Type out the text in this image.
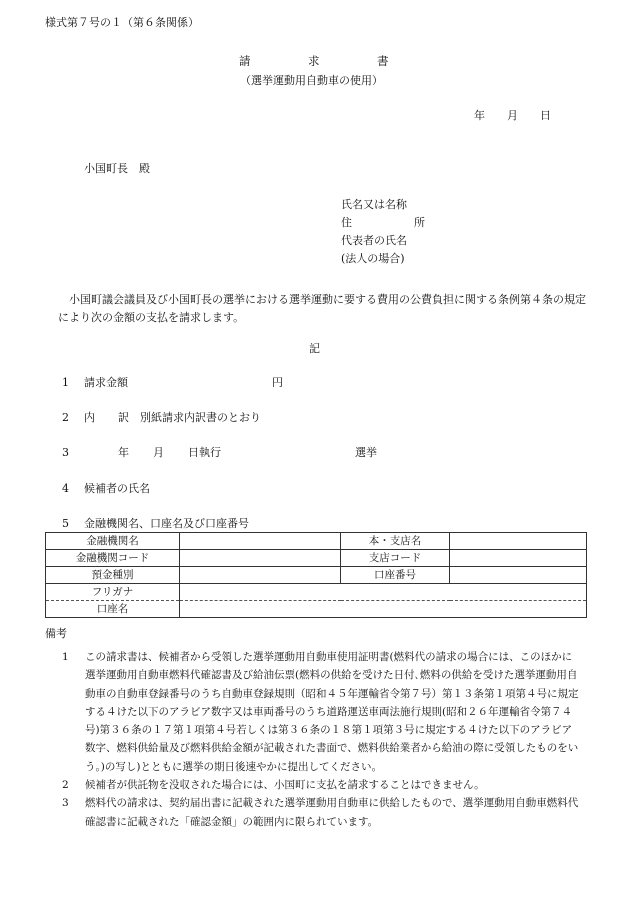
様式第７号の１（第６条関係）
請　　　　　求　　　　　書
（選挙運動用自動車の使用）
年　　月　　日
小国町長　殿
氏名又は名称
住	所
代表者の氏名
(法人の場合)
小国町議会議員及び小国町長の選挙における選挙運動に要する費用の公費負担に関する条例第４条の規定により次の金額の支払を請求します。
記
1 請求金額	円
2 内 訳 別紙請求内訳書のとおり
3	年 月 日執行	選挙
4 候補者の氏名
5 金融機関名、口座名及び口座番号
金融機関名		本・支店名	
金融機関コード		支店コード	
預金種別		口座番号	
フリガナ			
口座名			
備考
1	この請求書は、候補者から受領した選挙運動用自動車使用証明書(燃料代の請求の場合には、このほかに選挙運動用自動車燃料代確認書及び給油伝票(燃料の供給を受けた日付､燃料の供給を受けた選挙運動用自動車の自動車登録番号のうち自動車登録規則（昭和４５年運輸省令第７号）第１３条第１項第４号に規定する４けた以下のアラビア数字又は車両番号のうち道路運送車両法施行規則(昭和２６年運輸省令第７４号)第３６条の１７第１項第４号若しくは第３６条の１８第１項第３号に規定する４けた以下のアラビア数字、燃料供給量及び燃料供給金額が記載された書面で、燃料供給業者から給油の際に受領したものをいう。)の写し)とともに選挙の期日後速やかに提出してください。
2	候補者が供託物を没収された場合には、小国町に支払を請求することはできません。
3	燃料代の請求は、契約届出書に記載された選挙運動用自動車に供給したもので、選挙運動用自動車燃料代確認書に記載された「確認金額」の範囲内に限られています。
